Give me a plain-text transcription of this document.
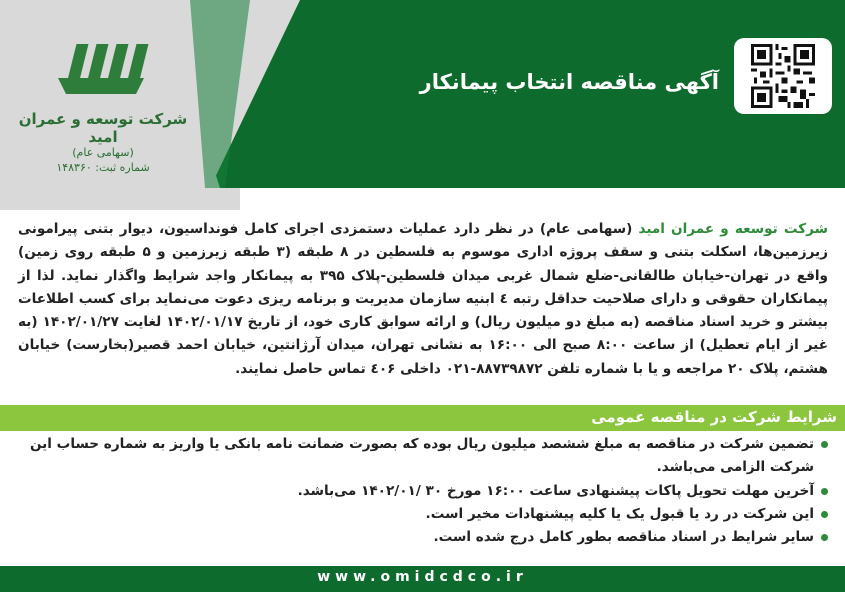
شرکت توسعه و عمران امید
(سهامی عام)
شماره ثبت: ۱۴۸۳۶۰
آگهی مناقصه انتخاب پیمانکار
شرکت توسعه و عمران امید (سهامی عام) در نظر دارد عملیات دستمزدی اجرای کامل فونداسیون، دیوار بتنی پیرامونی زیرزمین‌ها، اسکلت بتنی و سقف پروژه اداری موسوم به فلسطین در ۸ طبقه (۳ طبقه زیرزمین و ۵ طبقه روی زمین) واقع در تهران-خیابان طالقانی-ضلع شمال غربی میدان فلسطین-پلاک ۳۹۵ به پیمانکار واجد شرایط واگذار نماید. لذا از پیمانکاران حقوقی و دارای صلاحیت حداقل رتبه ٤ ابنیه سازمان مدیریت و برنامه ریزی دعوت می‌نماید برای کسب اطلاعات بیشتر و خرید اسناد مناقصه (به مبلغ دو میلیون ریال) و ارائه سوابق کاری خود، از تاریخ ۱۴۰۲/۰۱/۱۷ لغایت ۱۴۰۲/۰۱/۲۷ (به غیر از ایام تعطیل) از ساعت ۸:۰۰ صبح الی ۱۶:۰۰ به نشانی تهران، میدان آرژانتین، خیابان احمد قصیر(بخارست) خیابان هشتم، پلاک ۲۰ مراجعه و یا با شماره تلفن ۸۸۷۳۹۸۷۲-۰۲۱ داخلی ٤۰۶ تماس حاصل نمایند.
شرایط شرکت در مناقصه عمومی
تضمین شرکت در مناقصه به مبلغ ششصد میلیون ریال بوده که بصورت ضمانت نامه بانکی یا واریز به شماره حساب این شرکت الزامی می‌باشد.
آخرین مهلت تحویل پاکات پیشنهادی ساعت ۱۶:۰۰ مورخ ۳۰ /۱۴۰۲/۰۱ می‌باشد.
این شرکت در رد یا قبول یک یا کلیه پیشنهادات مخیر است.
سایر شرایط در اسناد مناقصه بطور کامل درج شده است.
www.omidcdco.ir
